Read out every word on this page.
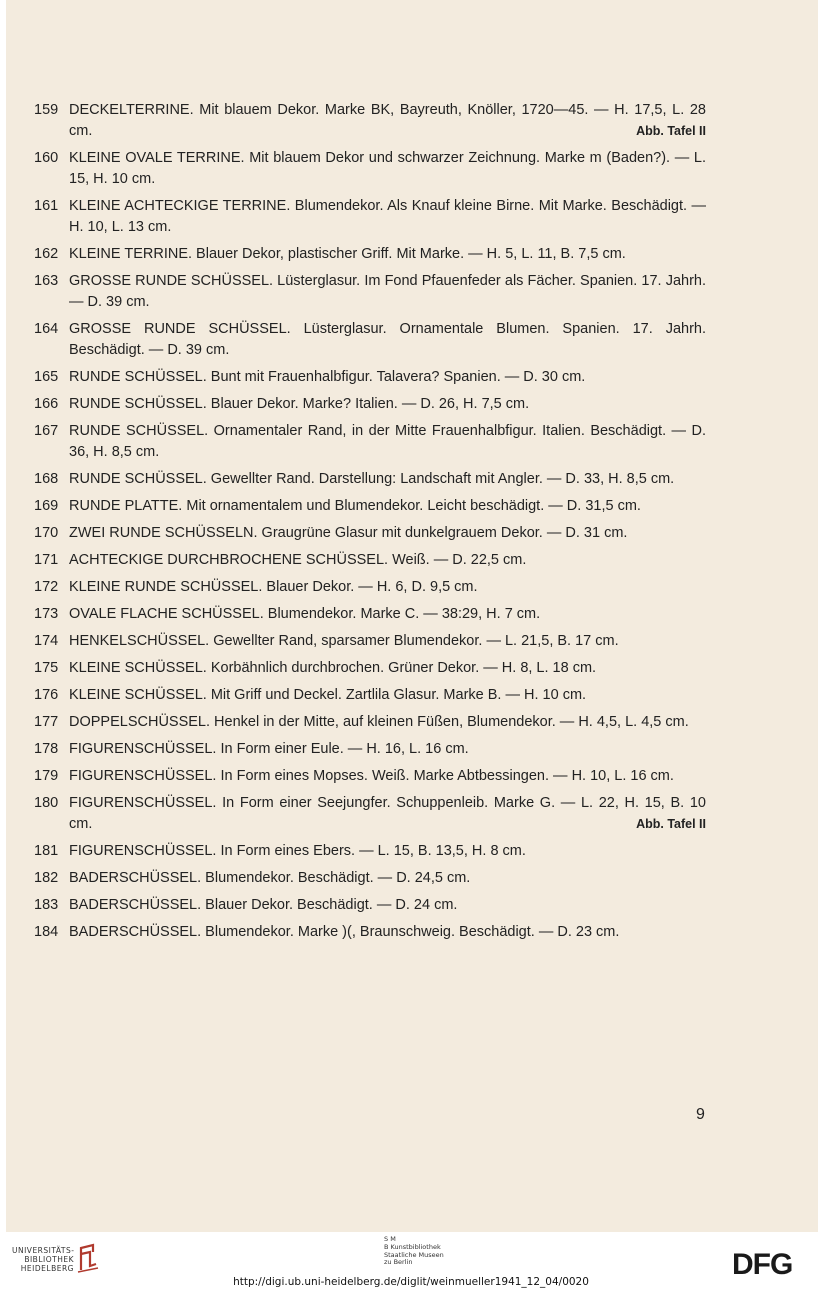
159 DECKELTERRINE. Mit blauem Dekor. Marke BK, Bayreuth, Knöller, 1720—45. — H. 17,5, L. 28 cm.	Abb. Tafel II
160 KLEINE OVALE TERRINE. Mit blauem Dekor und schwarzer Zeichnung. Marke m (Baden?). — L. 15, H. 10 cm.
161 KLEINE ACHTECKIGE TERRINE. Blumendekor. Als Knauf kleine Birne. Mit Marke. Beschädigt. — H. 10, L. 13 cm.
162 KLEINE TERRINE. Blauer Dekor, plastischer Griff. Mit Marke. — H. 5, L. 11, B. 7,5 cm.
163 GROSSE RUNDE SCHÜSSEL. Lüsterglasur. Im Fond Pfauenfeder als Fächer. Spanien. 17. Jahrh. — D. 39 cm.
164 GROSSE RUNDE SCHÜSSEL. Lüsterglasur. Ornamentale Blumen. Spanien. 17. Jahrh. Beschädigt. — D. 39 cm.
165 RUNDE SCHÜSSEL. Bunt mit Frauenhalbfigur. Talavera? Spanien. — D. 30 cm.
166 RUNDE SCHÜSSEL. Blauer Dekor. Marke? Italien. — D. 26, H. 7,5 cm.
167 RUNDE SCHÜSSEL. Ornamentaler Rand, in der Mitte Frauenhalbfigur. Italien. Beschädigt. — D. 36, H. 8,5 cm.
168 RUNDE SCHÜSSEL. Gewellter Rand. Darstellung: Landschaft mit Angler. — D. 33, H. 8,5 cm.
169 RUNDE PLATTE. Mit ornamentalem und Blumendekor. Leicht beschädigt. — D. 31,5 cm.
170 ZWEI RUNDE SCHÜSSELN. Graugrüne Glasur mit dunkelgrauem Dekor. — D. 31 cm.
171 ACHTECKIGE DURCHBROCHENE SCHÜSSEL. Weiß. — D. 22,5 cm.
172 KLEINE RUNDE SCHÜSSEL. Blauer Dekor. — H. 6, D. 9,5 cm.
173 OVALE FLACHE SCHÜSSEL. Blumendekor. Marke C. — 38:29, H. 7 cm.
174 HENKELSCHÜSSEL. Gewellter Rand, sparsamer Blumendekor. — L. 21,5, B. 17 cm.
175 KLEINE SCHÜSSEL. Korbähnlich durchbrochen. Grüner Dekor. — H. 8, L. 18 cm.
176 KLEINE SCHÜSSEL. Mit Griff und Deckel. Zartlila Glasur. Marke B. — H. 10 cm.
177 DOPPELSCHÜSSEL. Henkel in der Mitte, auf kleinen Füßen, Blumendekor. — H. 4,5, L. 4,5 cm.
178 FIGURENSCHÜSSEL. In Form einer Eule. — H. 16, L. 16 cm.
179 FIGURENSCHÜSSEL. In Form eines Mopses. Weiß. Marke Abtbessingen. — H. 10, L. 16 cm.
180 FIGURENSCHÜSSEL. In Form einer Seejungfer. Schuppenleib. Marke G. — L. 22, H. 15, B. 10 cm.	Abb. Tafel II
181 FIGURENSCHÜSSEL. In Form eines Ebers. — L. 15, B. 13,5, H. 8 cm.
182 BADERSCHÜSSEL. Blumendekor. Beschädigt. — D. 24,5 cm.
183 BADERSCHÜSSEL. Blauer Dekor. Beschädigt. — D. 24 cm.
184 BADERSCHÜSSEL. Blumendekor. Marke )(, Braunschweig. Beschädigt. — D. 23 cm.
9
UNIVERSITÄTS-
BIBLIOTHEK
HEIDELBERG
S M
B Kunstbibliothek
Staatliche Museen
zu Berlin	DFG
http://digi.ub.uni-heidelberg.de/diglit/weinmueller1941_12_04/0020
